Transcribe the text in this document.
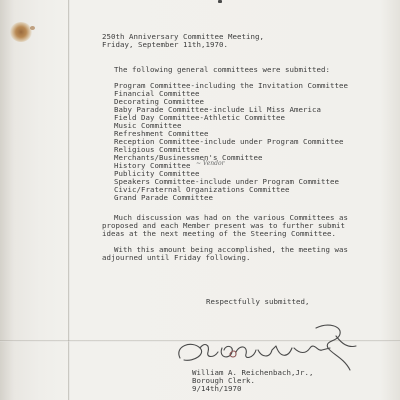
250th Anniversary Committee Meeting,
Friday, September 11th,1970.
The following general committees were submitted:
Program Committee-including the Invitation Committee
Financial Committee
Decorating Committee
Baby Parade Committee-include Lil Miss America
Field Day Committee-Athletic Committee
Music Committee
Refreshment Committee
Reception Committee-include under Program Committee
Religious Committee
Merchants/Businessmen's Committee
History Committee
Publicity Committee
Speakers Committee-include under Program Committee
Civic/Fraternal Organizations Committee
Grand Parade Committee
~ Vendor
Much discussion was had on the various Committees as
proposed and each Member present was to further submit
ideas at the next meeting of the Steering Committee.
With this amount being accomplished, the meeting was
adjourned until Friday following.
Respectfully submitted,
William A. Reichenbach,Jr.,
Borough Clerk.
9/14th/1970
